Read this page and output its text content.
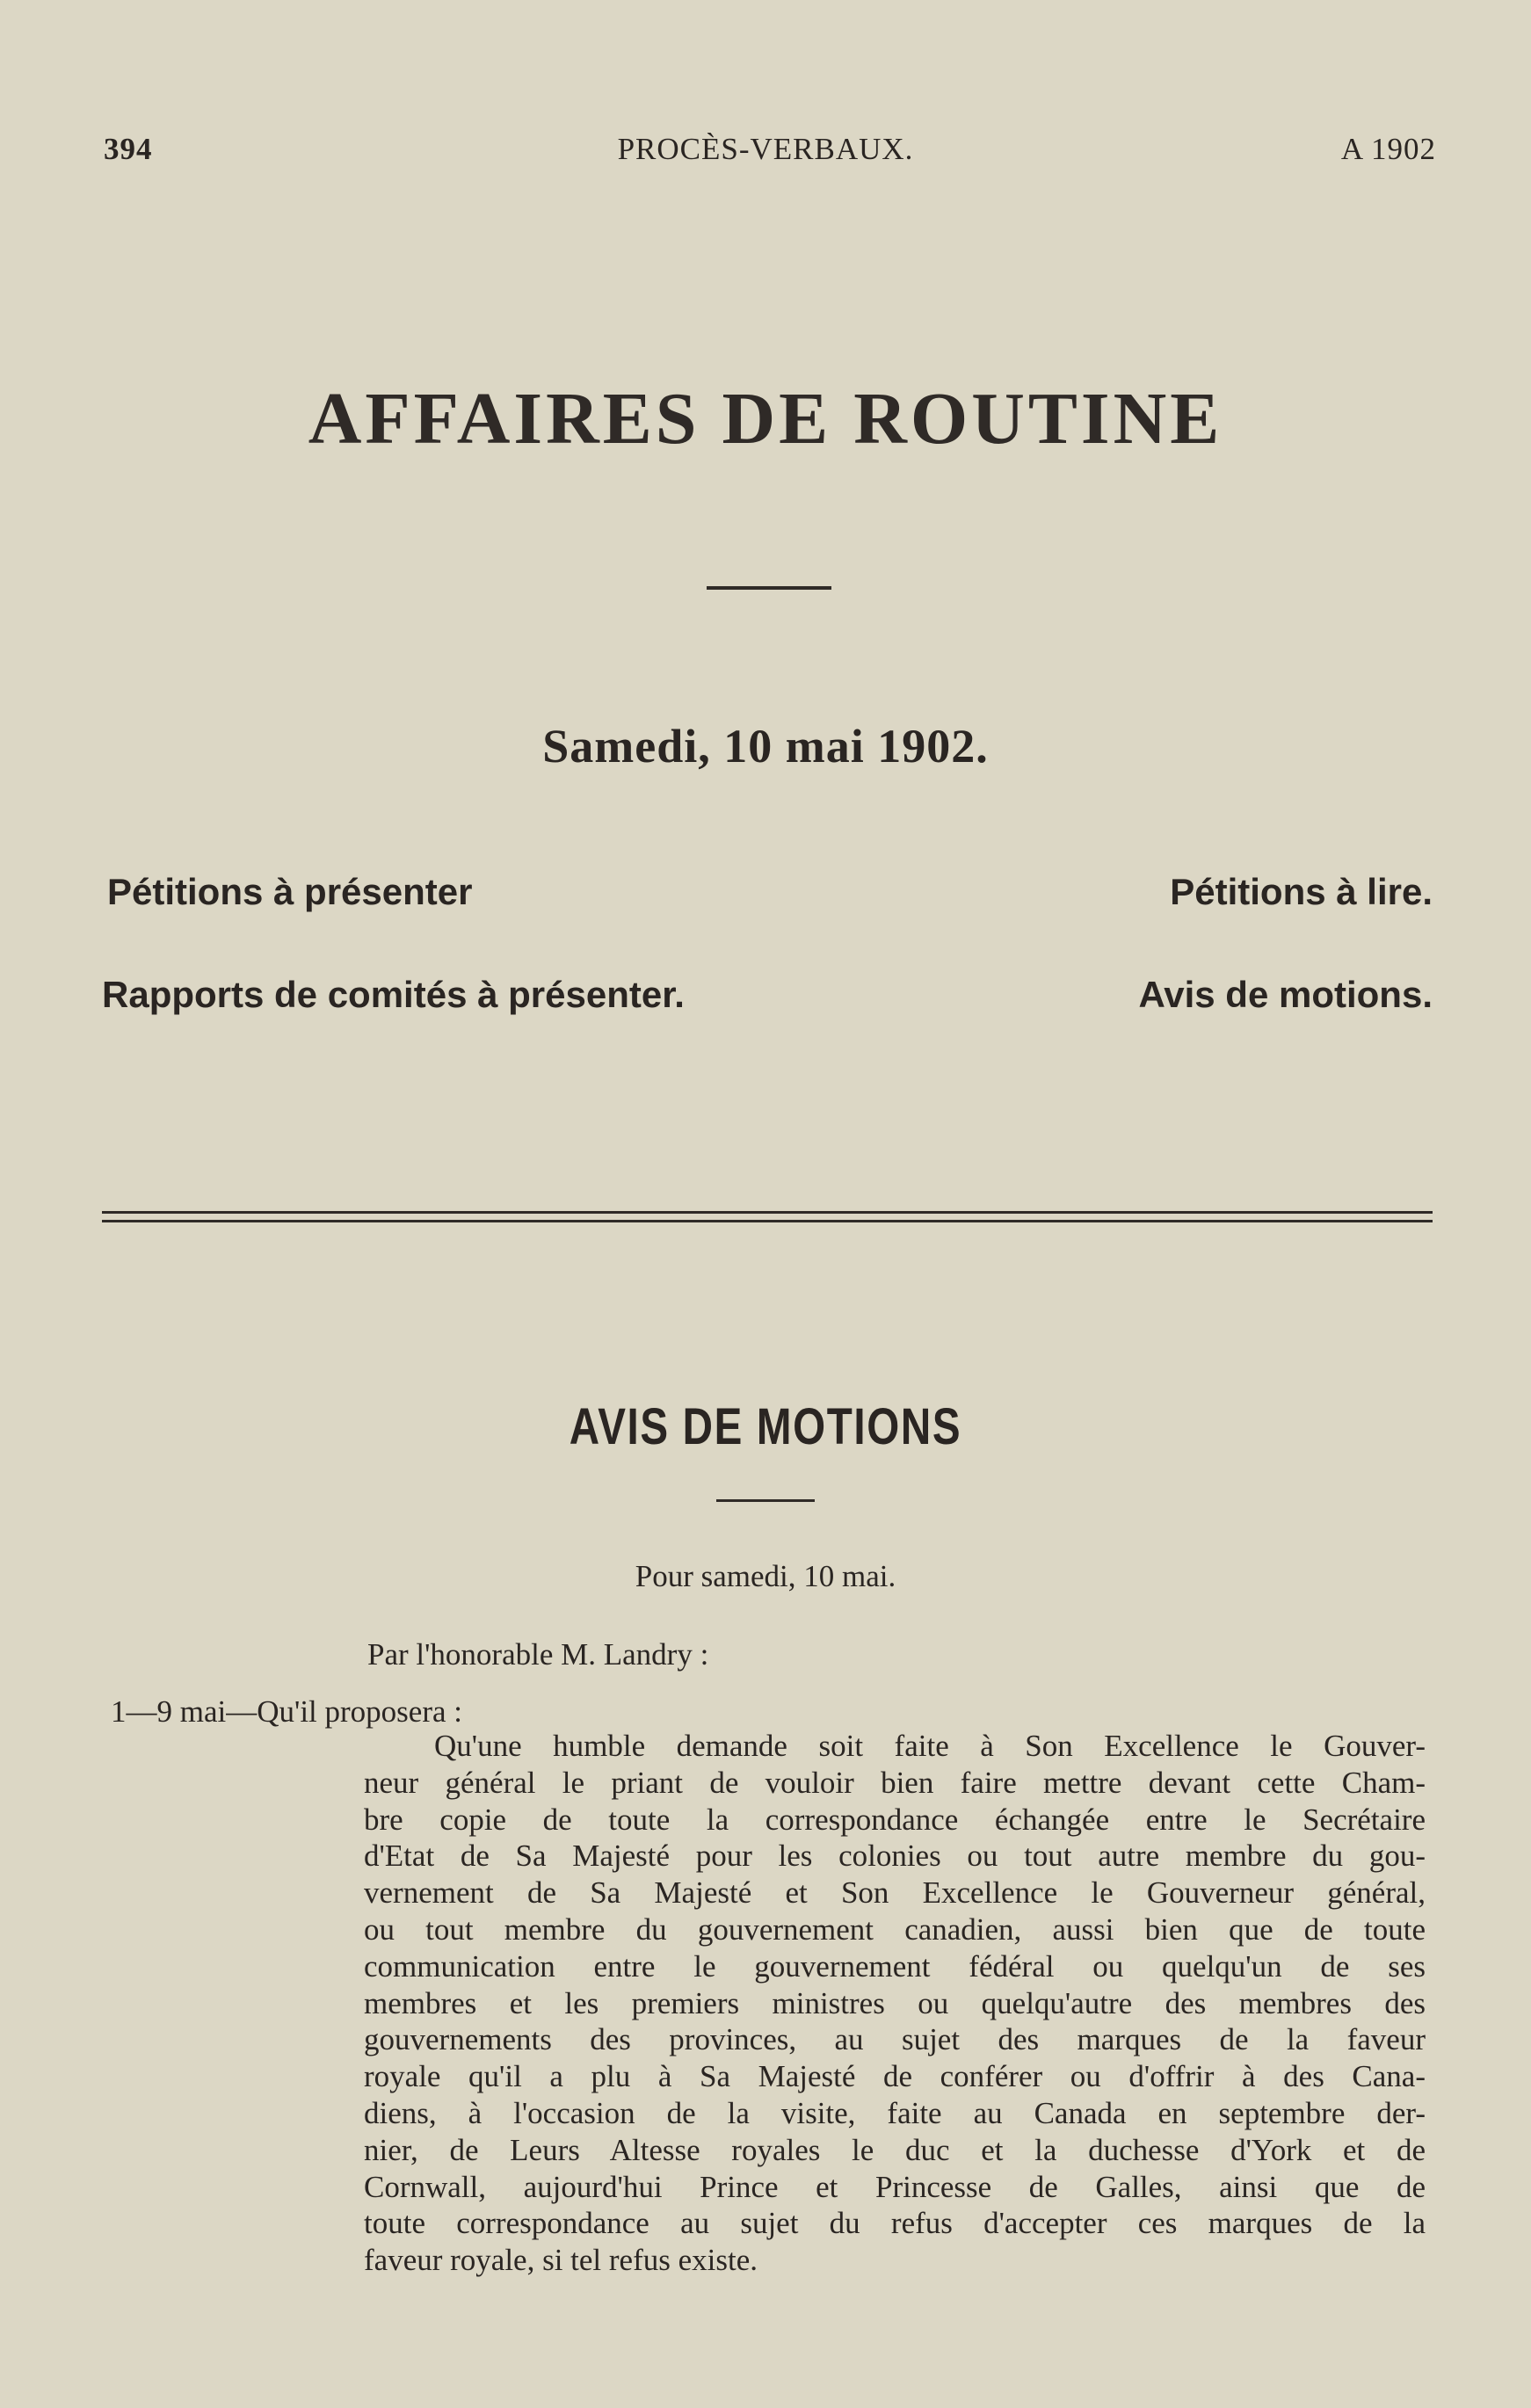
394	PROCÈS-VERBAUX.	A 1902
AFFAIRES DE ROUTINE
Samedi, 10 mai 1902.
Pétitions à présenter	Pétitions à lire.
Rapports de comités à présenter.	Avis de motions.
AVIS DE MOTIONS
Pour samedi, 10 mai.
Par l'honorable M. Landry :
1—9 mai—Qu'il proposera :
Qu'une humble demande soit faite à Son Excellence le Gouver-
neur général le priant de vouloir bien faire mettre devant cette Cham-
bre copie de toute la correspondance échangée entre le Secrétaire
d'Etat de Sa Majesté pour les colonies ou tout autre membre du gou-
vernement de Sa Majesté et Son Excellence le Gouverneur général,
ou tout membre du gouvernement canadien, aussi bien que de toute
communication entre le gouvernement fédéral ou quelqu'un de ses
membres et les premiers ministres ou quelqu'autre des membres des
gouvernements des provinces, au sujet des marques de la faveur
royale qu'il a plu à Sa Majesté de conférer ou d'offrir à des Cana-
diens, à l'occasion de la visite, faite au Canada en septembre der-
nier, de Leurs Altesse royales le duc et la duchesse d'York et de
Cornwall, aujourd'hui Prince et Princesse de Galles, ainsi que de
toute correspondance au sujet du refus d'accepter ces marques de la
faveur royale, si tel refus existe.
